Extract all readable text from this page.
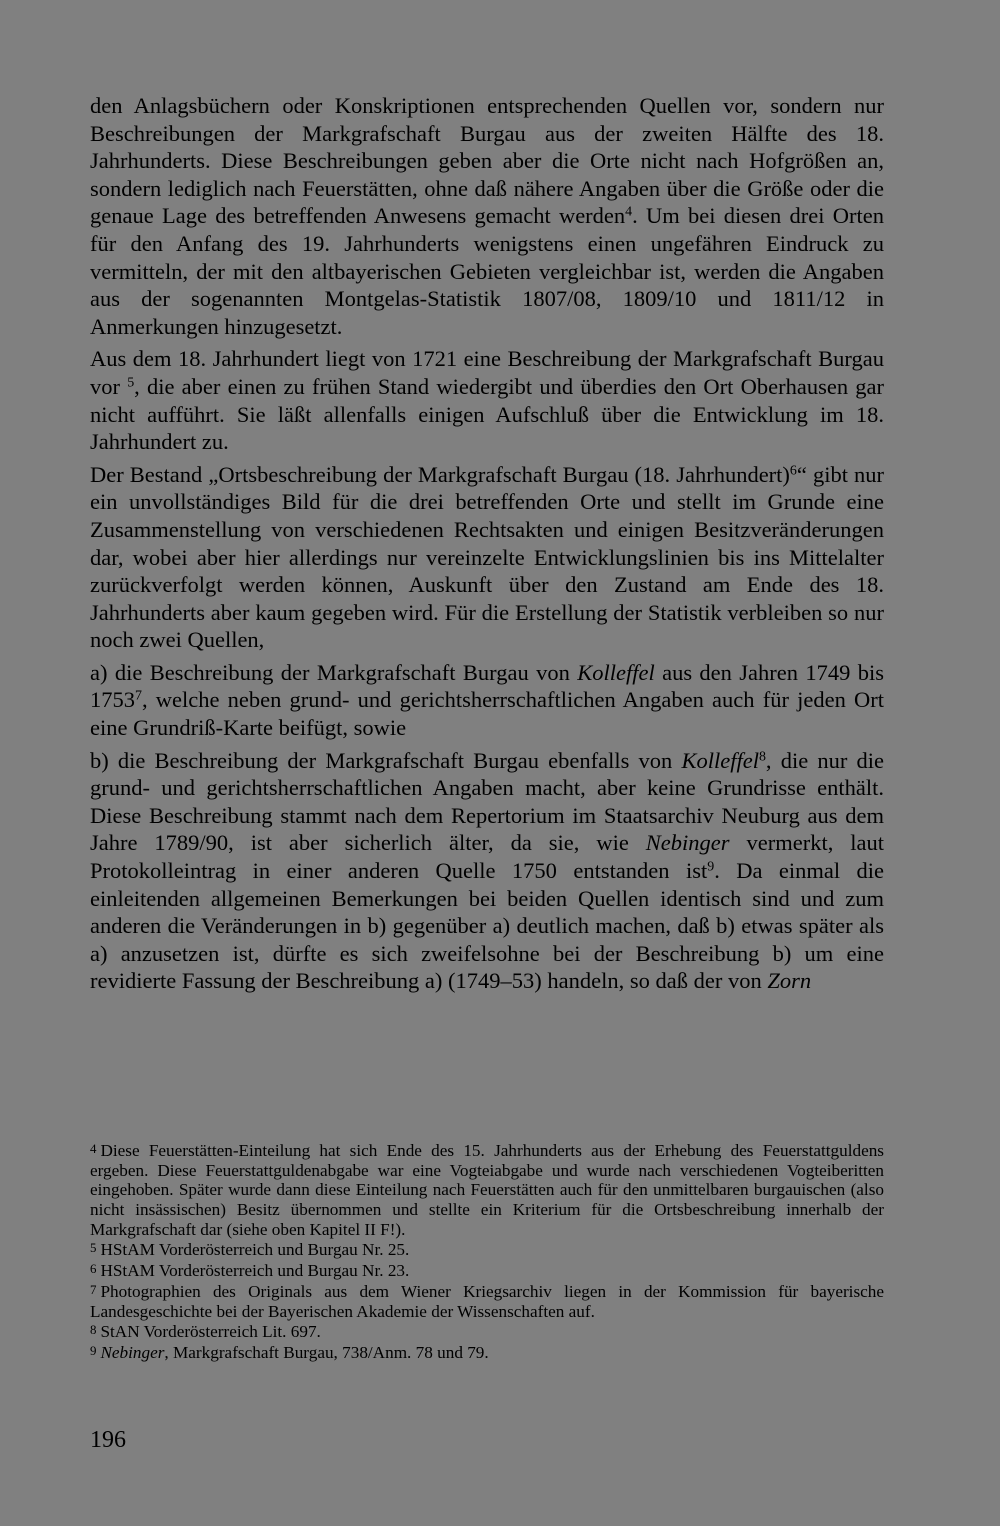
den Anlagsbüchern oder Konskriptionen entsprechenden Quellen vor, sondern nur Beschreibungen der Markgrafschaft Burgau aus der zweiten Hälfte des 18. Jahrhunderts. Diese Beschreibungen geben aber die Orte nicht nach Hofgrößen an, sondern lediglich nach Feuerstätten, ohne daß nähere Angaben über die Größe oder die genaue Lage des betreffenden Anwesens gemacht werden$^4$. Um bei diesen drei Orten für den Anfang des 19. Jahrhunderts wenigstens einen ungefähren Eindruck zu vermitteln, der mit den altbayerischen Gebieten vergleichbar ist, werden die Angaben aus der sogenannten Montgelas-Statistik 1807/08, 1809/10 und 1811/12 in Anmerkungen hinzugesetzt.

Aus dem 18. Jahrhundert liegt von 1721 eine Beschreibung der Markgrafschaft Burgau vor $^5$, die aber einen zu frühen Stand wiedergibt und überdies den Ort Oberhausen gar nicht aufführt. Sie läßt allenfalls einigen Aufschluß über die Entwicklung im 18. Jahrhundert zu.

Der Bestand „Ortsbeschreibung der Markgrafschaft Burgau (18. Jahrhundert)$^6$“ gibt nur ein unvollständiges Bild für die drei betreffenden Orte und stellt im Grunde eine Zusammenstellung von verschiedenen Rechtsakten und einigen Besitzveränderungen dar, wobei aber hier allerdings nur vereinzelte Entwicklungslinien bis ins Mittelalter zurückverfolgt werden können, Auskunft über den Zustand am Ende des 18. Jahrhunderts aber kaum gegeben wird. Für die Erstellung der Statistik verbleiben so nur noch zwei Quellen,

a) die Beschreibung der Markgrafschaft Burgau von Kolleffel aus den Jahren 1749 bis 1753$^7$, welche neben grund- und gerichtsherrschaftlichen Angaben auch für jeden Ort eine Grundriß-Karte beifügt, sowie

b) die Beschreibung der Markgrafschaft Burgau ebenfalls von Kolleffel$^8$, die nur die grund- und gerichtsherrschaftlichen Angaben macht, aber keine Grundrisse enthält. Diese Beschreibung stammt nach dem Repertorium im Staatsarchiv Neuburg aus dem Jahre 1789/90, ist aber sicherlich älter, da sie, wie Nebinger vermerkt, laut Protokolleintrag in einer anderen Quelle 1750 entstanden ist$^9$. Da einmal die einleitenden allgemeinen Bemerkungen bei beiden Quellen identisch sind und zum anderen die Veränderungen in b) gegenüber a) deutlich machen, daß b) etwas später als a) anzusetzen ist, dürfte es sich zweifelsohne bei der Beschreibung b) um eine revidierte Fassung der Beschreibung a) (1749–53) handeln, so daß der von Zorn

4 Diese Feuerstätten-Einteilung hat sich Ende des 15. Jahrhunderts aus der Erhebung des Feuerstattguldens ergeben. Diese Feuerstattguldenabgabe war eine Vogteiabgabe und wurde nach verschiedenen Vogteiberitten eingehoben. Später wurde dann diese Einteilung nach Feuerstätten auch für den unmittelbaren burgauischen (also nicht insässischen) Besitz übernommen und stellte ein Kriterium für die Ortsbeschreibung innerhalb der Markgrafschaft dar (siehe oben Kapitel II F!).

5 HStAM Vorderösterreich und Burgau Nr. 25.

6 HStAM Vorderösterreich und Burgau Nr. 23.

7 Photographien des Originals aus dem Wiener Kriegsarchiv liegen in der Kommission für bayerische Landesgeschichte bei der Bayerischen Akademie der Wissenschaften auf.

8 StAN Vorderösterreich Lit. 697.

9 Nebinger, Markgrafschaft Burgau, 738/Anm. 78 und 79.

196
